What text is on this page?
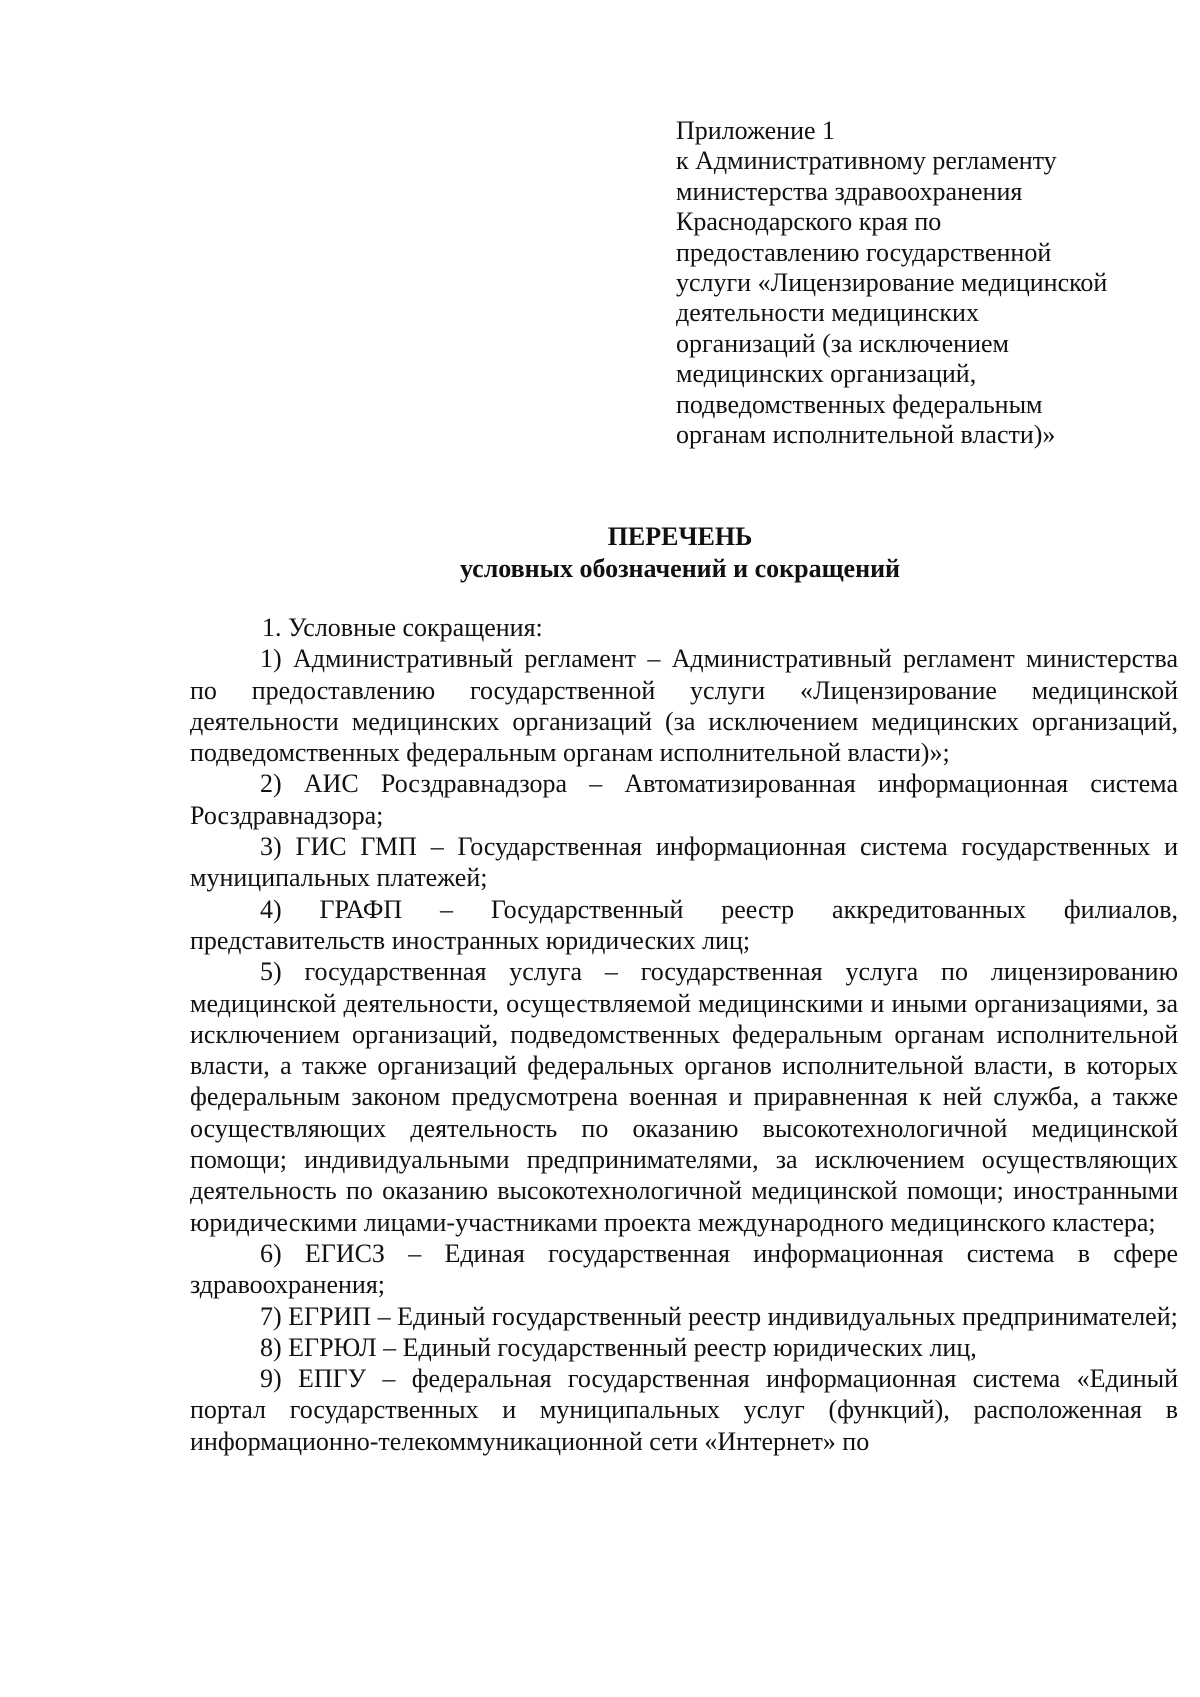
Приложение 1
к Административному регламенту
министерства здравоохранения
Краснодарского края по
предоставлению государственной
услуги «Лицензирование медицинской
деятельности медицинских
организаций (за исключением
медицинских организаций,
подведомственных федеральным
органам исполнительной власти)»
ПЕРЕЧЕНЬ
условных обозначений и сокращений

1. Условные сокращения:

1) Административный регламент – Административный регламент министерства по предоставлению государственной услуги «Лицензирование медицинской деятельности медицинских организаций (за исключением медицинских организаций, подведомственных федеральным органам исполнительной власти)»;

2) АИС Росздравнадзора – Автоматизированная информационная система Росздравнадзора;

3) ГИС ГМП – Государственная информационная система государственных и муниципальных платежей;

4) ГРАФП – Государственный реестр аккредитованных филиалов, представительств иностранных юридических лиц;

5) государственная услуга – государственная услуга по лицензированию медицинской деятельности, осуществляемой медицинскими и иными организациями, за исключением организаций, подведомственных федеральным органам исполнительной власти, а также организаций федеральных органов исполнительной власти, в которых федеральным законом предусмотрена военная и приравненная к ней служба, а также осуществляющих деятельность по оказанию высокотехнологичной медицинской помощи; индивидуальными предпринимателями, за исключением осуществляющих деятельность по оказанию высокотехнологичной медицинской помощи; иностранными юридическими лицами-участниками проекта международного медицинского кластера;

6) ЕГИСЗ – Единая государственная информационная система в сфере здравоохранения;

7) ЕГРИП – Единый государственный реестр индивидуальных предпринимателей;

8) ЕГРЮЛ – Единый государственный реестр юридических лиц,

9) ЕПГУ – федеральная государственная информационная система «Единый портал государственных и муниципальных услуг (функций), расположенная в информационно-телекоммуникационной сети «Интернет» по
